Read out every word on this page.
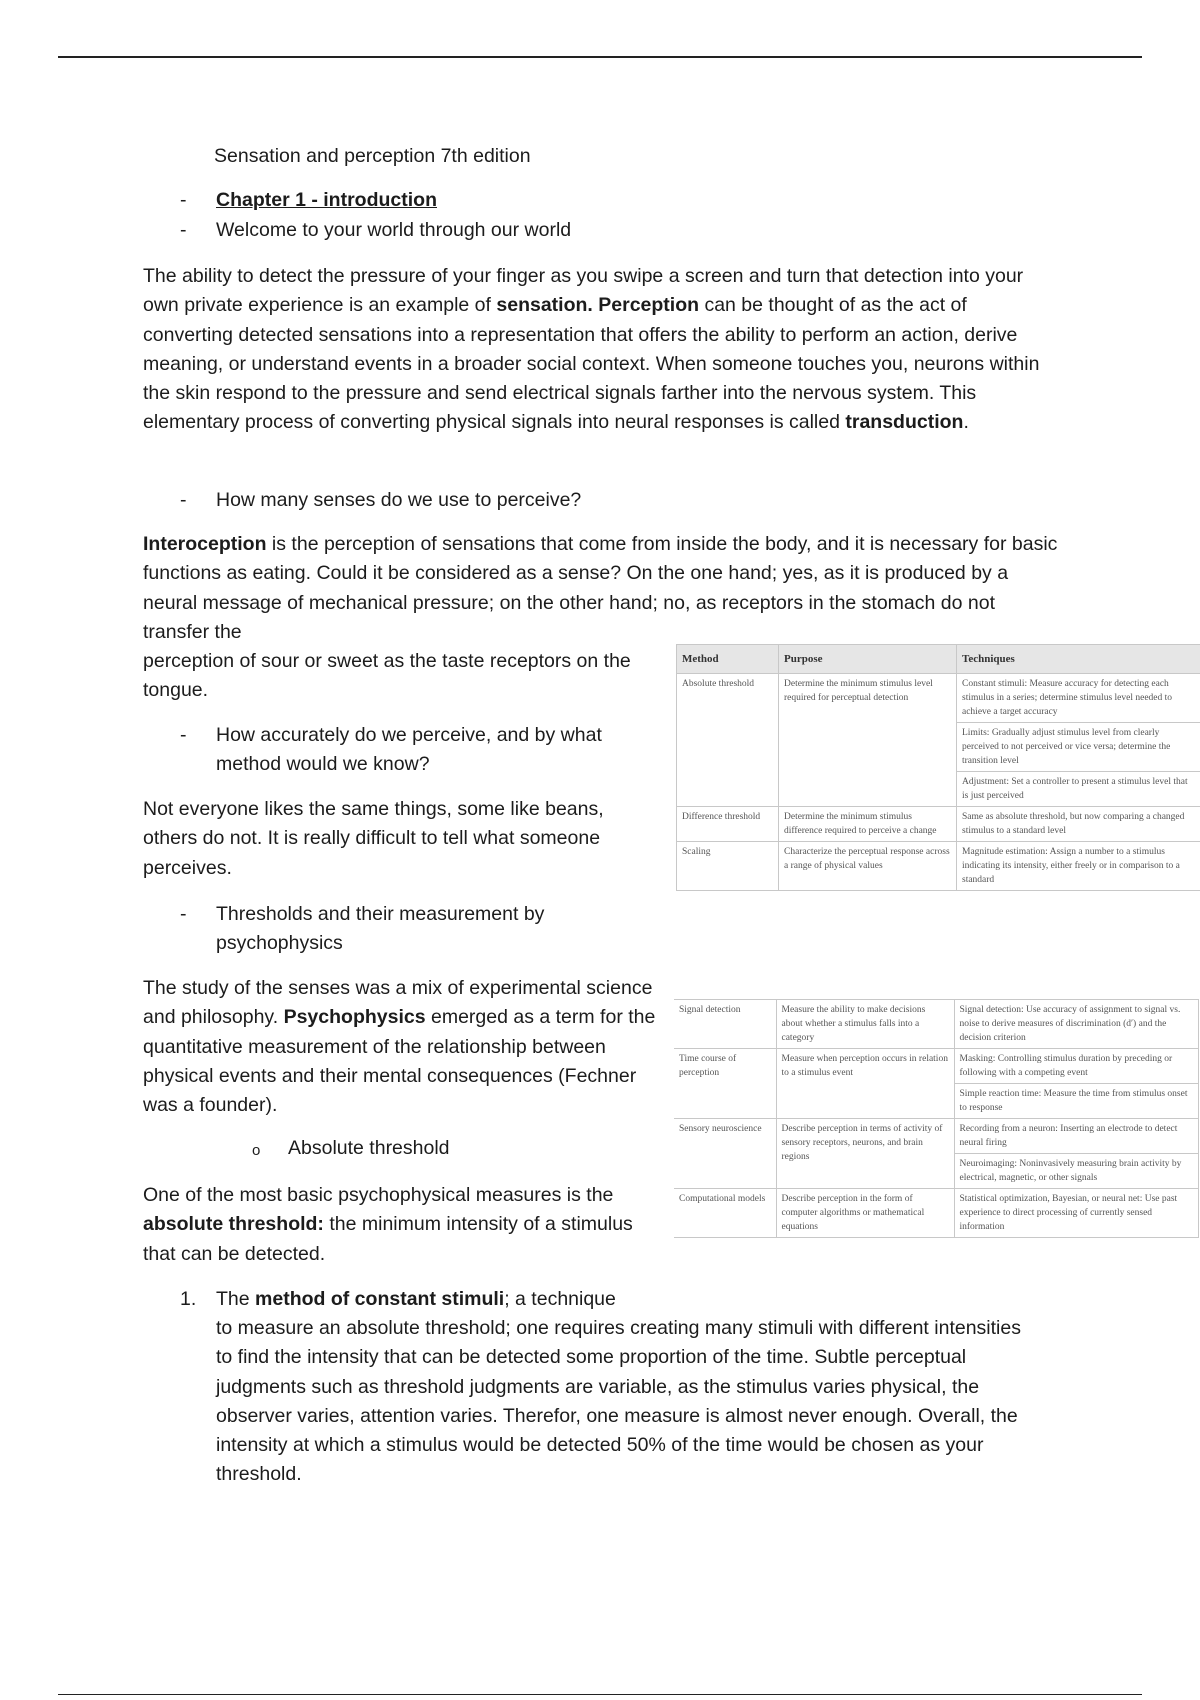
Sensation and perception 7th edition
- Chapter 1 - introduction
- Welcome to your world through our world
The ability to detect the pressure of your finger as you swipe a screen and turn that detection into your own private experience is an example of sensation. Perception can be thought of as the act of converting detected sensations into a representation that offers the ability to perform an action, derive meaning, or understand events in a broader social context. When someone touches you, neurons within the skin respond to the pressure and send electrical signals farther into the nervous system. This elementary process of converting physical signals into neural responses is called transduction.
- How many senses do we use to perceive?
Interoception is the perception of sensations that come from inside the body, and it is necessary for basic functions as eating. Could it be considered as a sense? On the one hand; yes, as it is produced by a neural message of mechanical pressure; on the other hand; no, as receptors in the stomach do not transfer the
perception of sour or sweet as the taste receptors on the tongue.
- How accurately do we perceive, and by what method would we know?
Not everyone likes the same things, some like beans, others do not. It is really difficult to tell what someone perceives.
- Thresholds and their measurement by psychophysics
The study of the senses was a mix of experimental science and philosophy. Psychophysics emerged as a term for the quantitative measurement of the relationship between physical events and their mental consequences (Fechner was a founder).
o Absolute threshold
One of the most basic psychophysical measures is the absolute threshold: the minimum intensity of a stimulus that can be detected.
1. The method of constant stimuli; a technique
to measure an absolute threshold; one requires creating many stimuli with different intensities to find the intensity that can be detected some proportion of the time. Subtle perceptual judgments such as threshold judgments are variable, as the stimulus varies physical, the observer varies, attention varies. Therefor, one measure is almost never enough. Overall, the intensity at which a stimulus would be detected 50% of the time would be chosen as your threshold.
Method	Purpose	Techniques
Absolute threshold	Determine the minimum stimulus level required for perceptual detection	Constant stimuli: Measure accuracy for detecting each stimulus in a series; determine stimulus level needed to achieve a target accuracy
		Limits: Gradually adjust stimulus level from clearly perceived to not perceived or vice versa; determine the transition level
		Adjustment: Set a controller to present a stimulus level that is just perceived
Difference threshold	Determine the minimum stimulus difference required to perceive a change	Same as absolute threshold, but now comparing a changed stimulus to a standard level
Scaling	Characterize the perceptual response across a range of physical values	Magnitude estimation: Assign a number to a stimulus indicating its intensity, either freely or in comparison to a standard
Signal detection	Measure the ability to make decisions about whether a stimulus falls into a category	Signal detection: Use accuracy of assignment to signal vs. noise to derive measures of discrimination (d′) and the decision criterion
Time course of perception	Measure when perception occurs in relation to a stimulus event	Masking: Controlling stimulus duration by preceding or following with a competing event
		Simple reaction time: Measure the time from stimulus onset to response
Sensory neuroscience	Describe perception in terms of activity of sensory receptors, neurons, and brain regions	Recording from a neuron: Inserting an electrode to detect neural firing
		Neuroimaging: Noninvasively measuring brain activity by electrical, magnetic, or other signals
Computational models	Describe perception in the form of computer algorithms or mathematical equations	Statistical optimization, Bayesian, or neural net: Use past experience to direct processing of currently sensed information
